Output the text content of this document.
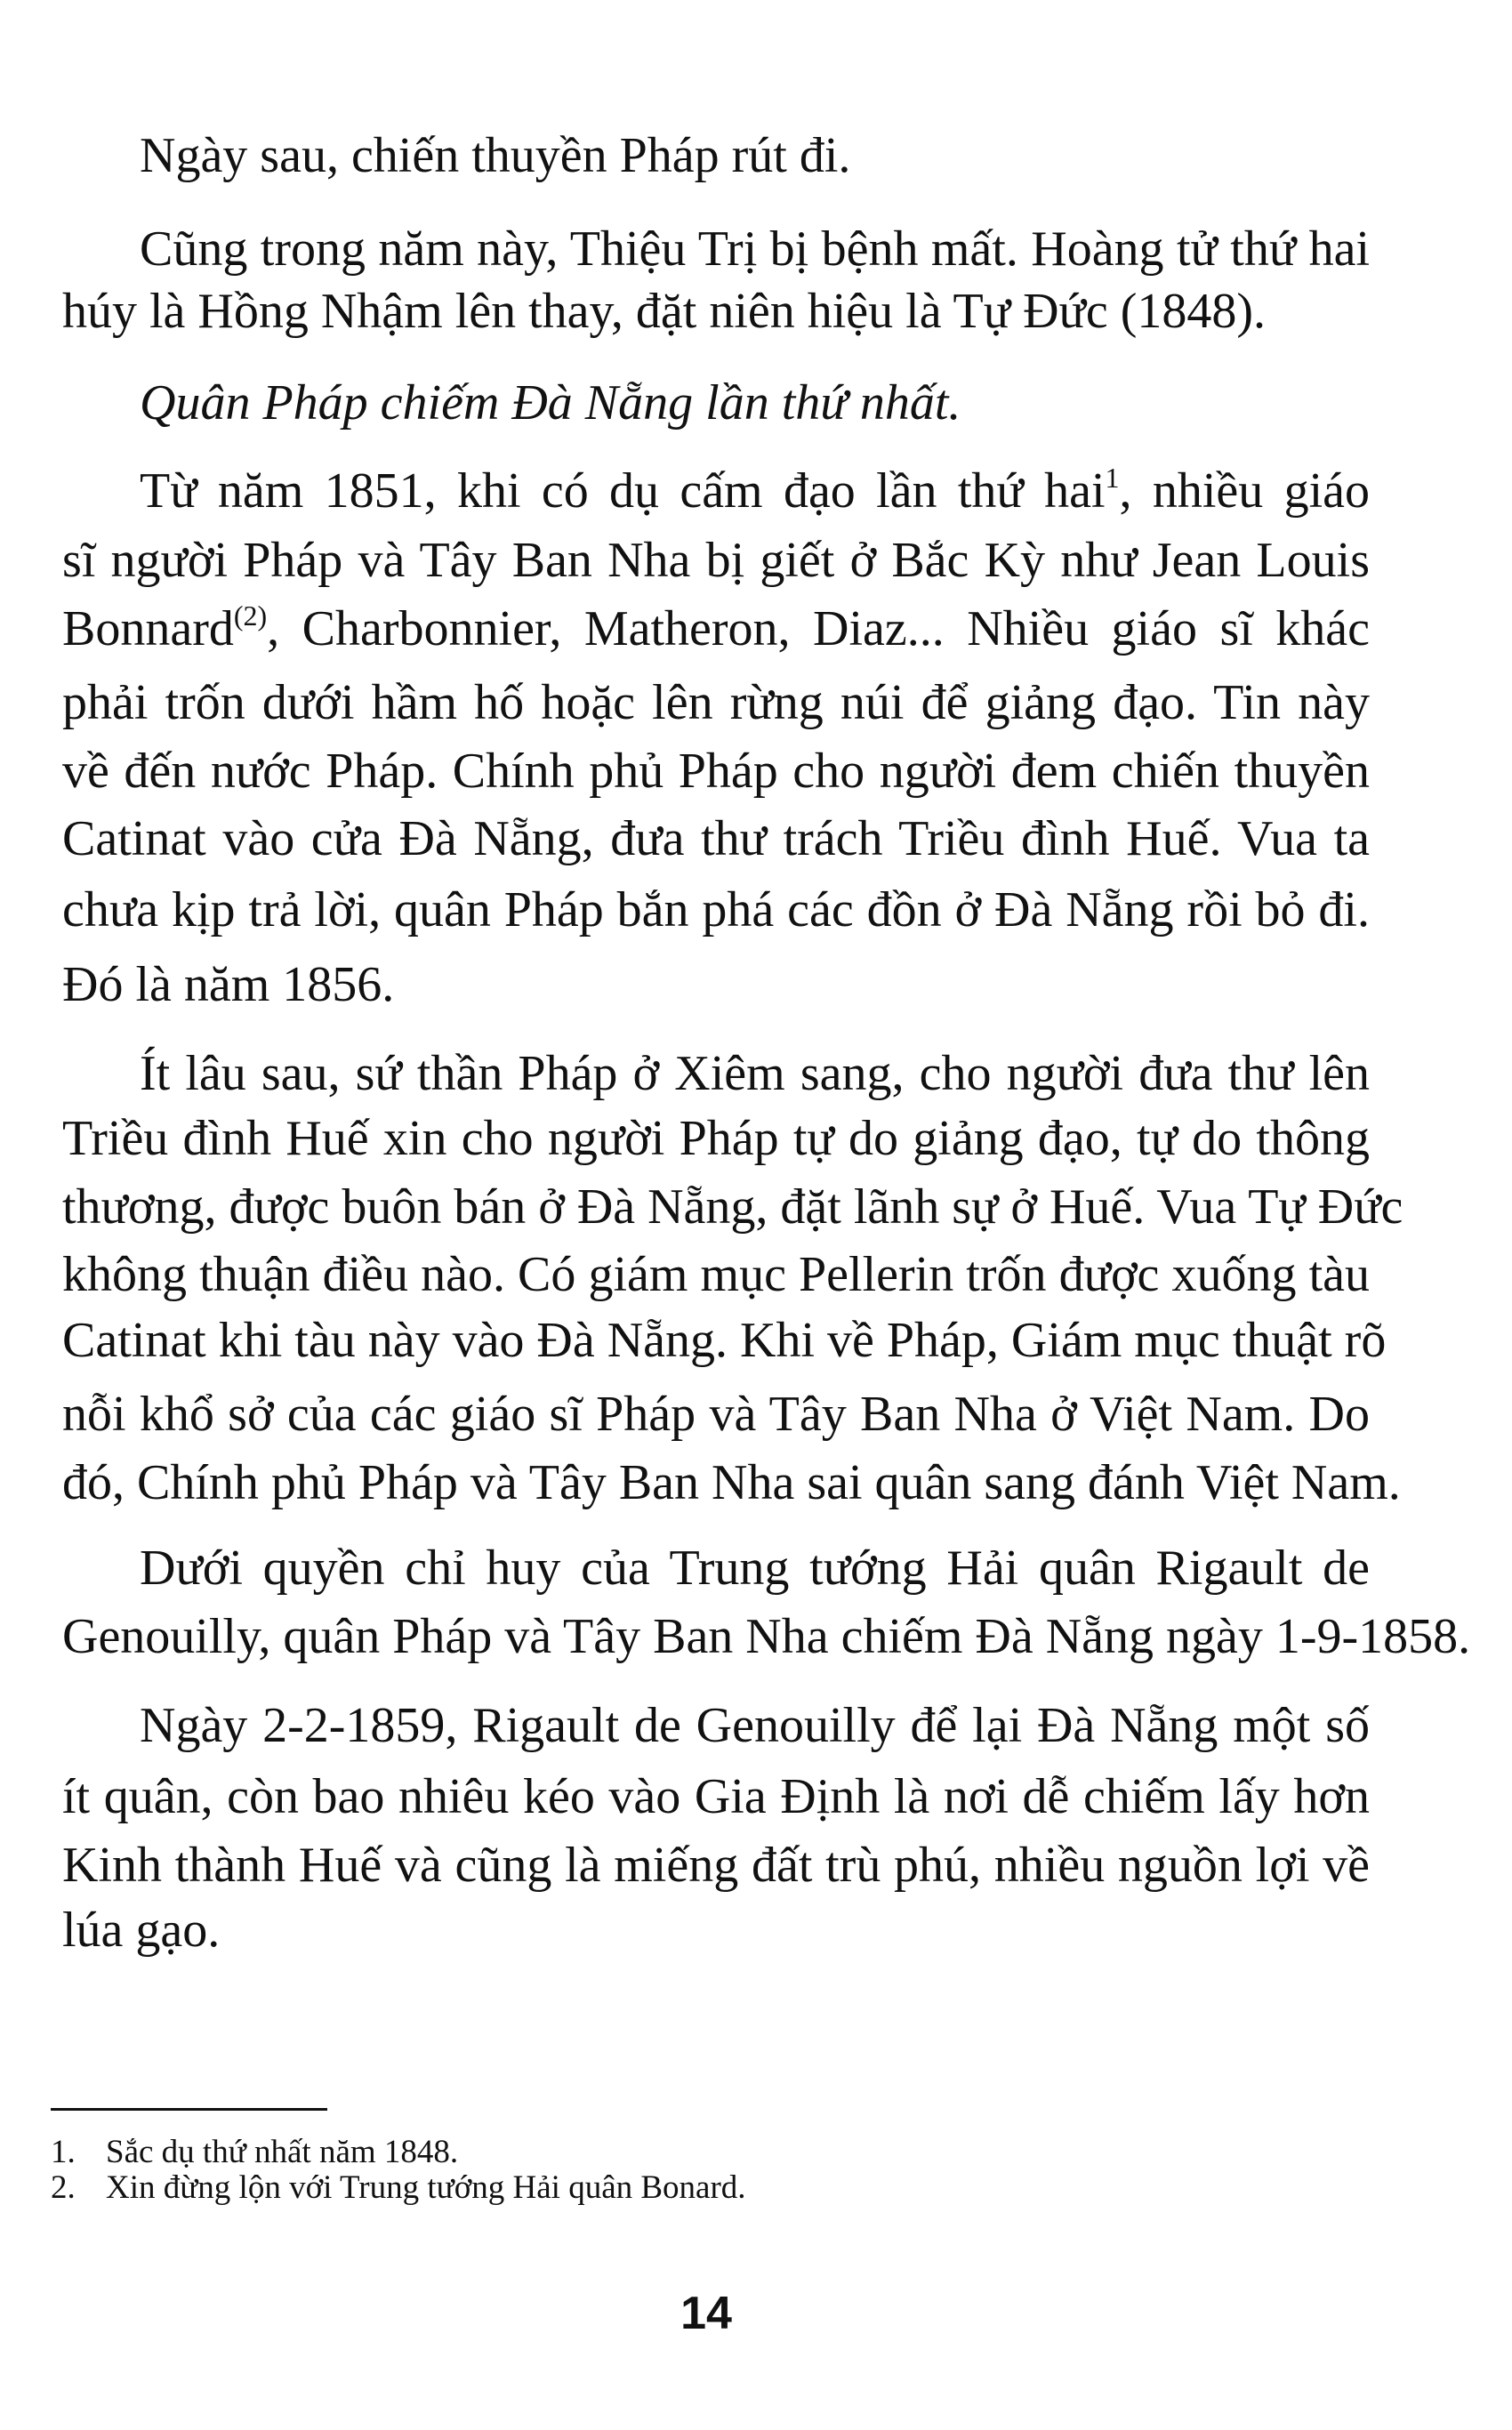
Ngày sau, chiến thuyền Pháp rút đi.
Cũng trong năm này, Thiệu Trị bị bệnh mất. Hoàng tử thứ hai
húy là Hồng Nhậm lên thay, đặt niên hiệu là Tự Đức (1848).
Quân Pháp chiếm Đà Nẵng lần thứ nhất.
Từ năm 1851, khi có dụ cấm đạo lần thứ hai$^1$, nhiều giáo
sĩ người Pháp và Tây Ban Nha bị giết ở Bắc Kỳ như Jean Louis
Bonnard$^{(2)}$, Charbonnier, Matheron, Diaz... Nhiều giáo sĩ khác
phải trốn dưới hầm hố hoặc lên rừng núi để giảng đạo. Tin này
về đến nước Pháp. Chính phủ Pháp cho người đem chiến thuyền
Catinat vào cửa Đà Nẵng, đưa thư trách Triều đình Huế. Vua ta
chưa kịp trả lời, quân Pháp bắn phá các đồn ở Đà Nẵng rồi bỏ đi.
Đó là năm 1856.
Ít lâu sau, sứ thần Pháp ở Xiêm sang, cho người đưa thư lên
Triều đình Huế xin cho người Pháp tự do giảng đạo, tự do thông
thương, được buôn bán ở Đà Nẵng, đặt lãnh sự ở Huế. Vua Tự Đức
không thuận điều nào. Có giám mục Pellerin trốn được xuống tàu
Catinat khi tàu này vào Đà Nẵng. Khi về Pháp, Giám mục thuật rõ
nỗi khổ sở của các giáo sĩ Pháp và Tây Ban Nha ở Việt Nam. Do
đó, Chính phủ Pháp và Tây Ban Nha sai quân sang đánh Việt Nam.
Dưới quyền chỉ huy của Trung tướng Hải quân Rigault de
Genouilly, quân Pháp và Tây Ban Nha chiếm Đà Nẵng ngày 1-9-1858.
Ngày 2-2-1859, Rigault de Genouilly để lại Đà Nẵng một số
ít quân, còn bao nhiêu kéo vào Gia Định là nơi dễ chiếm lấy hơn
Kinh thành Huế và cũng là miếng đất trù phú, nhiều nguồn lợi về
lúa gạo.
1. Sắc dụ thứ nhất năm 1848.
2. Xin đừng lộn với Trung tướng Hải quân Bonard.
14
